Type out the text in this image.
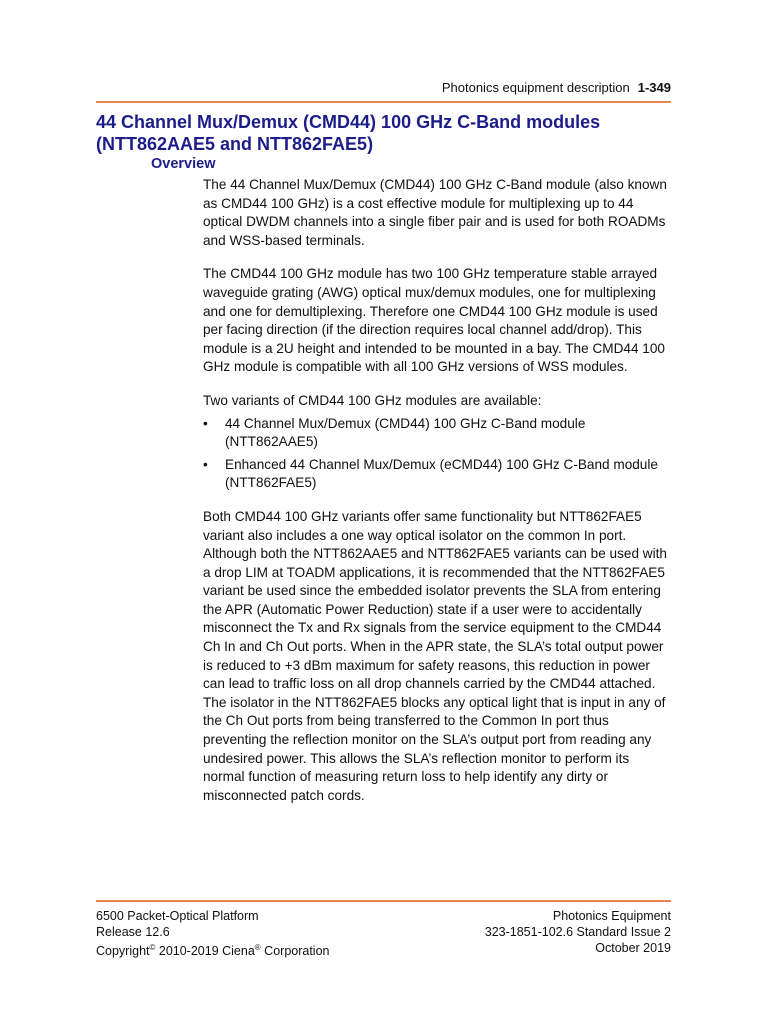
Photonics equipment description 1-349
44 Channel Mux/Demux (CMD44) 100 GHz C-Band modules (NTT862AAE5 and NTT862FAE5)
Overview

The 44 Channel Mux/Demux (CMD44) 100 GHz C-Band module (also known as CMD44 100 GHz) is a cost effective module for multiplexing up to 44 optical DWDM channels into a single fiber pair and is used for both ROADMs and WSS-based terminals.

The CMD44 100 GHz module has two 100 GHz temperature stable arrayed waveguide grating (AWG) optical mux/demux modules, one for multiplexing and one for demultiplexing. Therefore one CMD44 100 GHz module is used per facing direction (if the direction requires local channel add/drop). This module is a 2U height and intended to be mounted in a bay. The CMD44 100 GHz module is compatible with all 100 GHz versions of WSS modules.

Two variants of CMD44 100 GHz modules are available:

• 44 Channel Mux/Demux (CMD44) 100 GHz C-Band module (NTT862AAE5)
• Enhanced 44 Channel Mux/Demux (eCMD44) 100 GHz C-Band module (NTT862FAE5)

Both CMD44 100 GHz variants offer same functionality but NTT862FAE5 variant also includes a one way optical isolator on the common In port. Although both the NTT862AAE5 and NTT862FAE5 variants can be used with a drop LIM at TOADM applications, it is recommended that the NTT862FAE5 variant be used since the embedded isolator prevents the SLA from entering the APR (Automatic Power Reduction) state if a user were to accidentally misconnect the Tx and Rx signals from the service equipment to the CMD44 Ch In and Ch Out ports. When in the APR state, the SLA’s total output power is reduced to +3 dBm maximum for safety reasons, this reduction in power can lead to traffic loss on all drop channels carried by the CMD44 attached. The isolator in the NTT862FAE5 blocks any optical light that is input in any of the Ch Out ports from being transferred to the Common In port thus preventing the reflection monitor on the SLA’s output port from reading any undesired power. This allows the SLA’s reflection monitor to perform its normal function of measuring return loss to help identify any dirty or misconnected patch cords.

6500 Packet-Optical Platform
Release 12.6
Copyright© 2010-2019 Ciena® Corporation
Photonics Equipment
323-1851-102.6 Standard Issue 2
October 2019
